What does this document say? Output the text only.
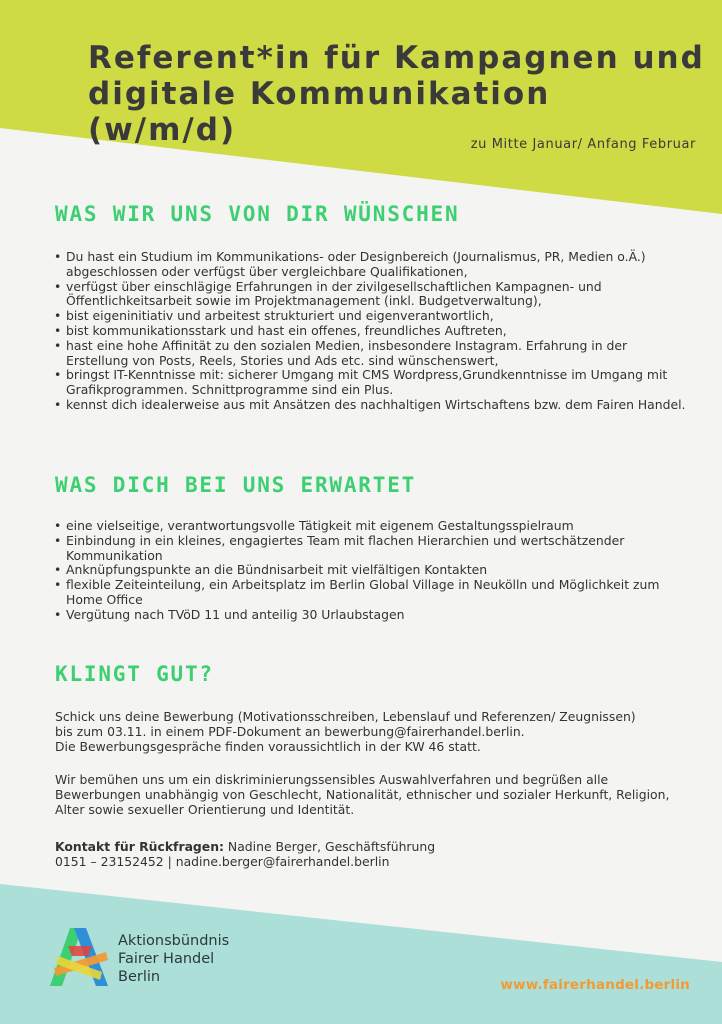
Referent*in für Kampagnen und
digitale Kommunikation (w/m/d)	zu Mitte Januar/ Anfang Februar
WAS WIR UNS VON DIR WÜNSCHEN
• Du hast ein Studium im Kommunikations- oder Designbereich (Journalismus, PR, Medien o.Ä.) abgeschlossen oder verfügst über vergleichbare Qualifikationen,
• verfügst über einschlägige Erfahrungen in der zivilgesellschaftlichen Kampagnen- und Öffentlichkeitsarbeit sowie im Projektmanagement (inkl. Budgetverwaltung),
• bist eigeninitiativ und arbeitest strukturiert und eigenverantwortlich,
• bist kommunikationsstark und hast ein offenes, freundliches Auftreten,
• hast eine hohe Affinität zu den sozialen Medien, insbesondere Instagram. Erfahrung in der Erstellung von Posts, Reels, Stories und Ads etc. sind wünschenswert,
• bringst IT-Kenntnisse mit: sicherer Umgang mit CMS Wordpress,Grundkenntnisse im Umgang mit Grafikprogrammen. Schnittprogramme sind ein Plus.
• kennst dich idealerweise aus mit Ansätzen des nachhaltigen Wirtschaftens bzw. dem Fairen Handel.
WAS DICH BEI UNS ERWARTET
• eine vielseitige, verantwortungsvolle Tätigkeit mit eigenem Gestaltungsspielraum
• Einbindung in ein kleines, engagiertes Team mit flachen Hierarchien und wertschätzender Kommunikation
• Anknüpfungspunkte an die Bündnisarbeit mit vielfältigen Kontakten
• flexible Zeiteinteilung, ein Arbeitsplatz im Berlin Global Village in Neukölln und Möglichkeit zum Home Office
• Vergütung nach TVöD 11 und anteilig 30 Urlaubstagen
KLINGT GUT?

Schick uns deine Bewerbung (Motivationsschreiben, Lebenslauf und Referenzen/ Zeugnissen)
bis zum 03.11. in einem PDF-Dokument an bewerbung@fairerhandel.berlin.
Die Bewerbungsgespräche finden voraussichtlich in der KW 46 statt.

Wir bemühen uns um ein diskriminierungssensibles Auswahlverfahren und begrüßen alle Bewerbungen unabhängig von Geschlecht, Nationalität, ethnischer und sozialer Herkunft, Religion, Alter sowie sexueller Orientierung und Identität.

Kontakt für Rückfragen: Nadine Berger, Geschäftsführung
0151 – 23152452 | nadine.berger@fairerhandel.berlin

Aktionsbündnis
Fairer Handel
Berlin	www.fairerhandel.berlin
